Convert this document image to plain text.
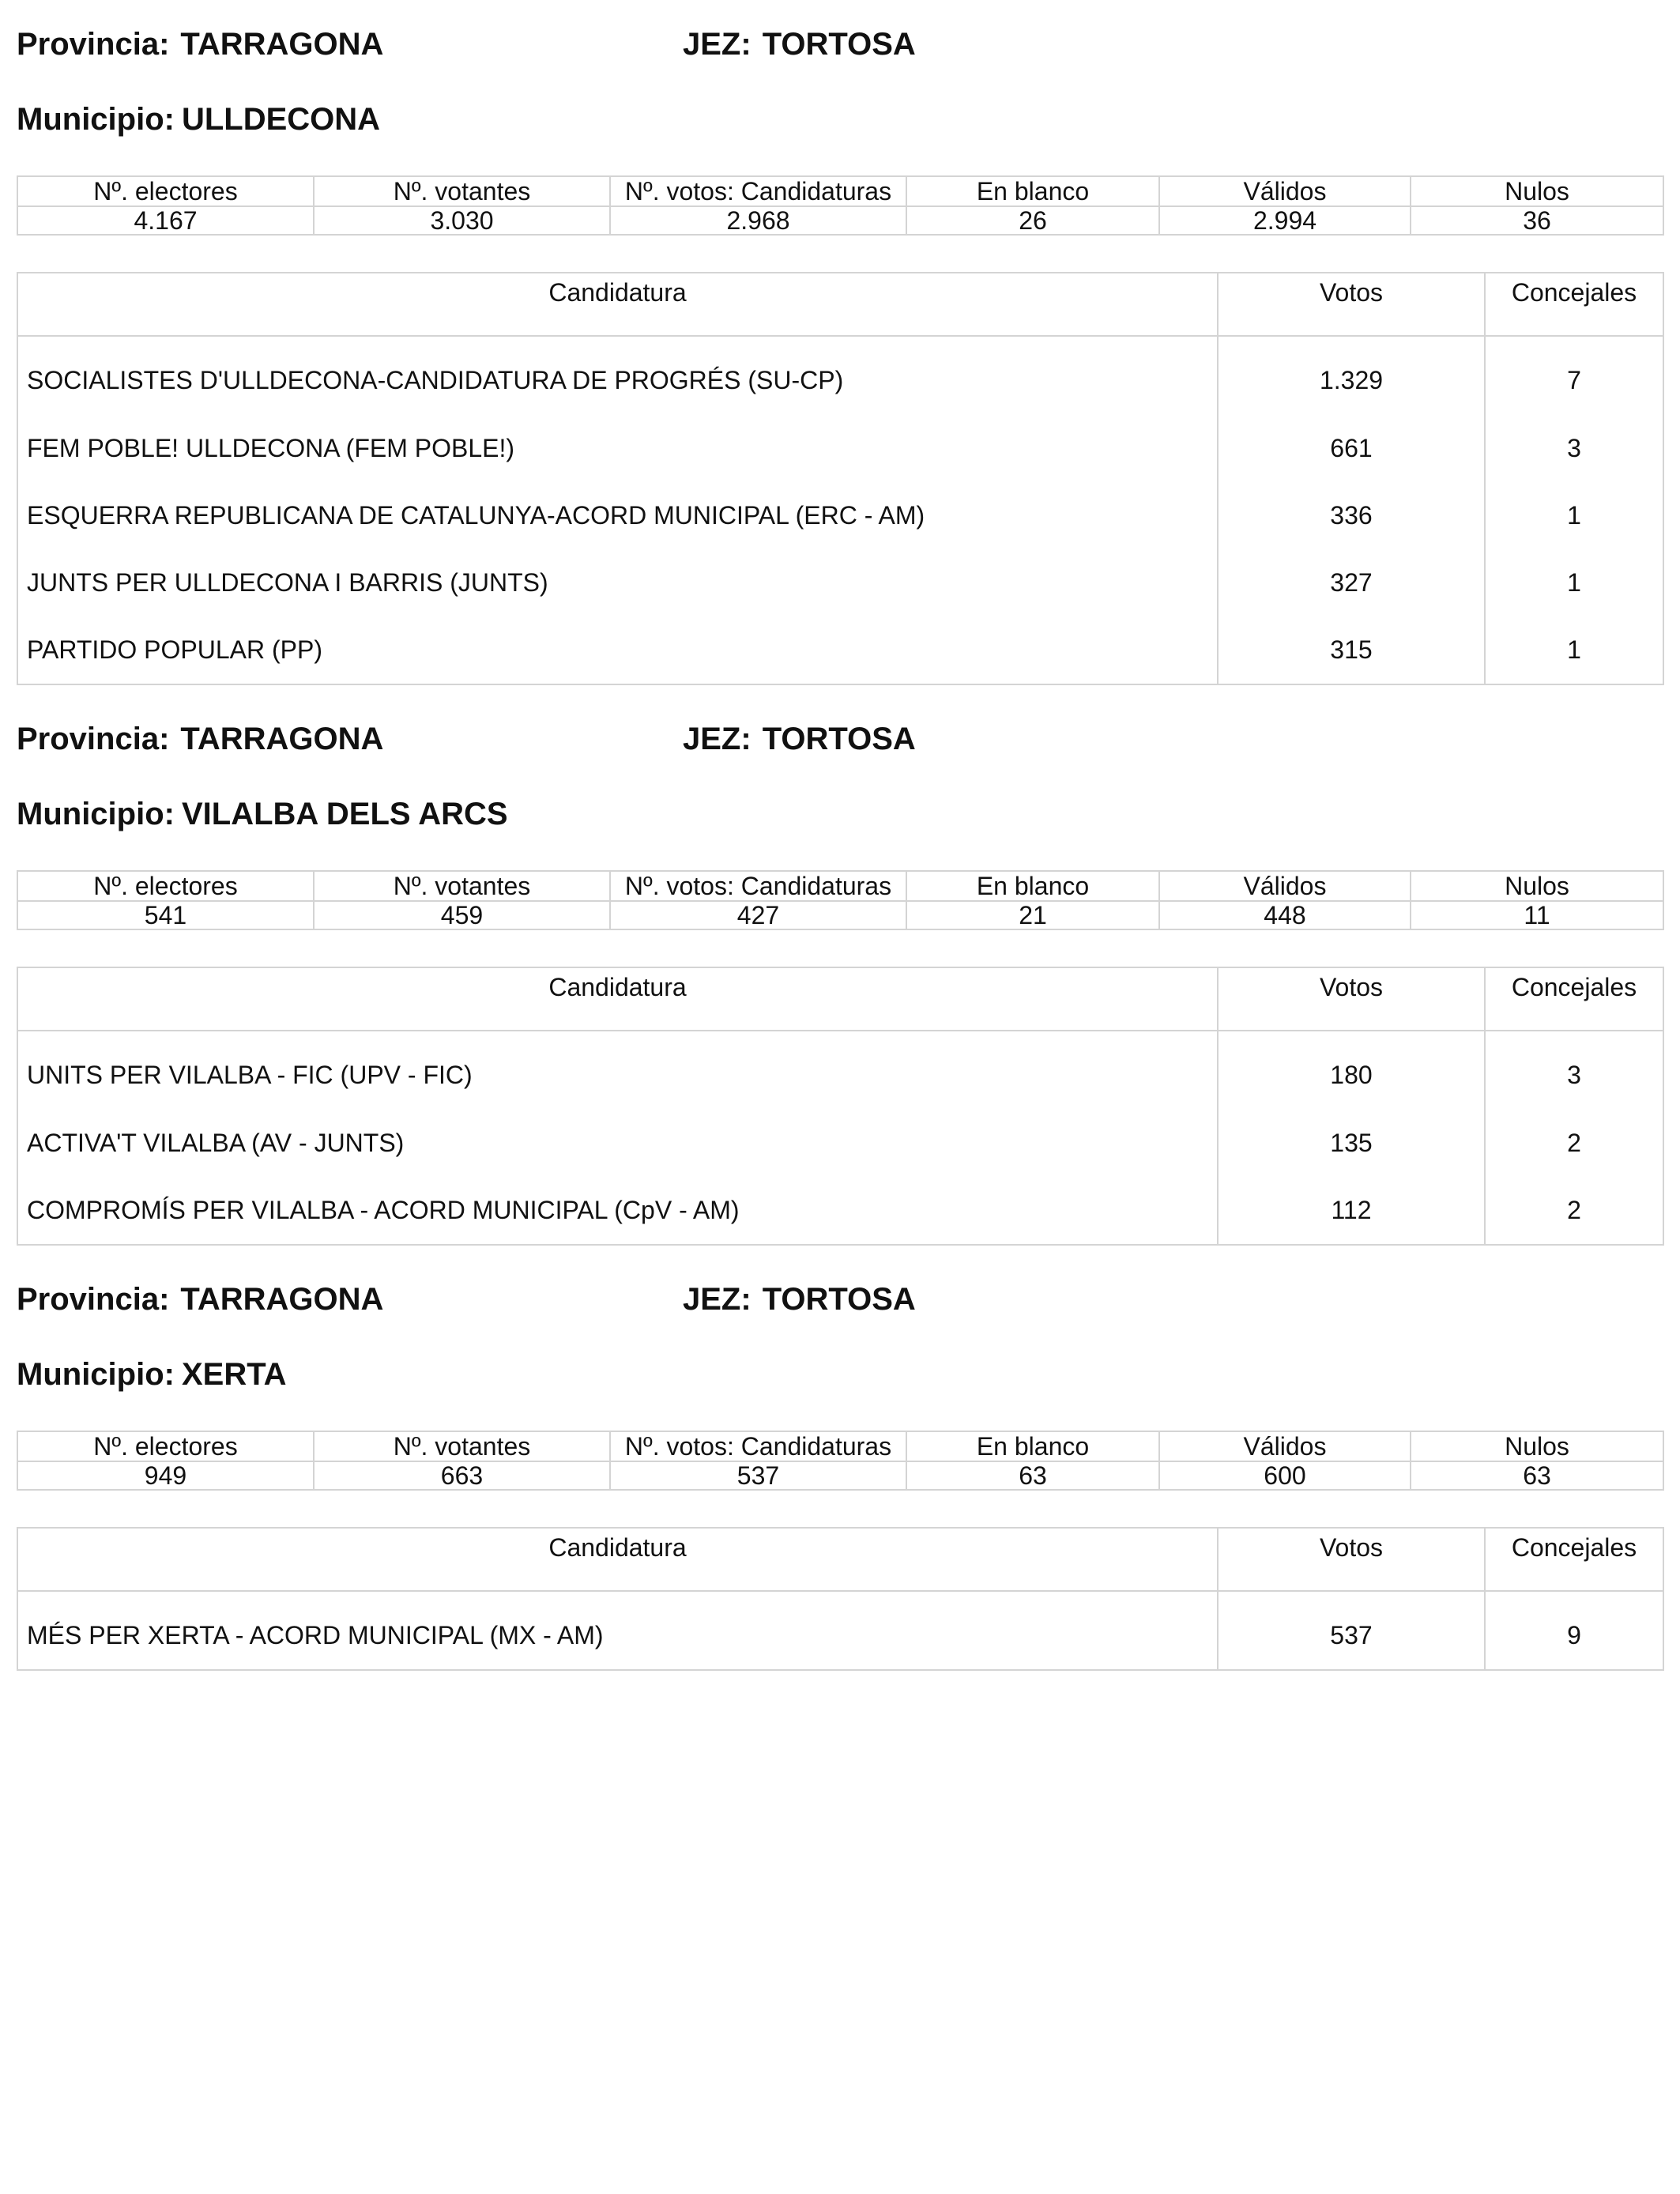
Provincia: TARRAGONA	JEZ: TORTOSA
Municipio: ULLDECONA
Nº. electores	Nº. votantes	Nº. votos: Candidaturas	En blanco	Válidos	Nulos
4.167	3.030	2.968	26	2.994	36
Candidatura	Votos	Concejales
SOCIALISTES D'ULLDECONA-CANDIDATURA DE PROGRÉS (SU-CP)	1.329	7
FEM POBLE! ULLDECONA (FEM POBLE!)	661	3
ESQUERRA REPUBLICANA DE CATALUNYA-ACORD MUNICIPAL (ERC - AM)	336	1
JUNTS PER ULLDECONA I BARRIS (JUNTS)	327	1
PARTIDO POPULAR (PP)	315	1
Provincia: TARRAGONA	JEZ: TORTOSA
Municipio: VILALBA DELS ARCS
Nº. electores	Nº. votantes	Nº. votos: Candidaturas	En blanco	Válidos	Nulos
541	459	427	21	448	11
Candidatura	Votos	Concejales
UNITS PER VILALBA - FIC (UPV - FIC)	180	3
ACTIVA'T VILALBA (AV - JUNTS)	135	2
COMPROMÍS PER VILALBA - ACORD MUNICIPAL (CpV - AM)	112	2
Provincia: TARRAGONA	JEZ: TORTOSA
Municipio: XERTA
Nº. electores	Nº. votantes	Nº. votos: Candidaturas	En blanco	Válidos	Nulos
949	663	537	63	600	63
Candidatura	Votos	Concejales
MÉS PER XERTA - ACORD MUNICIPAL (MX - AM)	537	9
